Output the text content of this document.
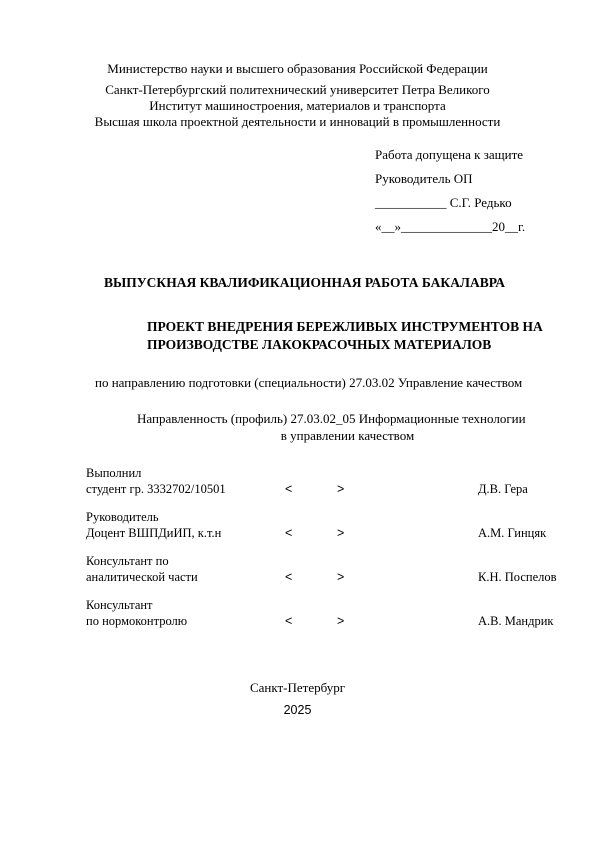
Министерство науки и высшего образования Российской Федерации
Санкт-Петербургский политехнический университет Петра Великого
Институт машиностроения, материалов и транспорта
Высшая школа проектной деятельности и инноваций в промышленности
Работа допущена к защите
Руководитель ОП
___________ С.Г. Редько
«__»______________20__г.
ВЫПУСКНАЯ КВАЛИФИКАЦИОННАЯ РАБОТА БАКАЛАВРА
ПРОЕКТ ВНЕДРЕНИЯ БЕРЕЖЛИВЫХ ИНСТРУМЕНТОВ НА
ПРОИЗВОДСТВЕ ЛАКОКРАСОЧНЫХ МАТЕРИАЛОВ
по направлению подготовки (специальности) 27.03.02 Управление качеством
Направленность (профиль) 27.03.02_05 Информационные технологии
в управлении качеством
Выполнил
студент гр. 3332702/10501	<	>	Д.В. Гера
Руководитель
Доцент ВШПДиИП, к.т.н	<	>	А.М. Гинцяк
Консультант по
аналитической части	<	>	К.Н. Поспелов
Консультант
по нормоконтролю	<	>	А.В. Мандрик
Санкт-Петербург
2025
